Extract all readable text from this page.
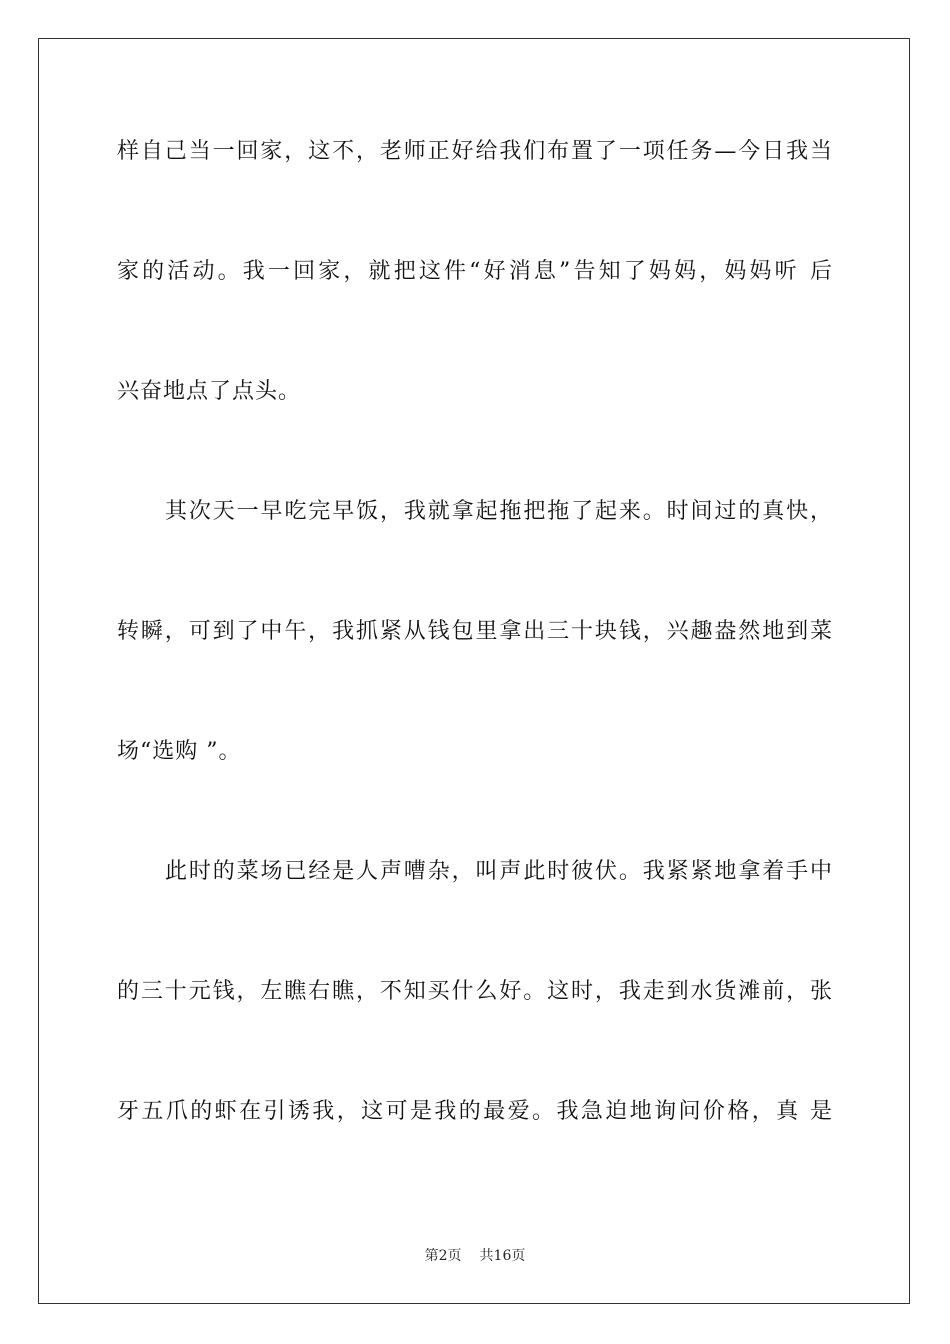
样自己当一回家，这不，老师正好给我们布置了一项任务—今日我当
家的活动。我一回家，就把这件“好消息”告知了妈妈，妈妈听 后
兴奋地点了点头。
其次天一早吃完早饭，我就拿起拖把拖了起来。时间过的真快，
转瞬，可到了中午，我抓紧从钱包里拿出三十块钱，兴趣盎然地到菜
场“选购 ”。
此时的菜场已经是人声嘈杂，叫声此时彼伏。我紧紧地拿着手中
的三十元钱，左瞧右瞧，不知买什么好。这时，我走到水货滩前，张
牙五爪的虾在引诱我，这可是我的最爱。我急迫地询问价格，真 是
第2页 共16页
